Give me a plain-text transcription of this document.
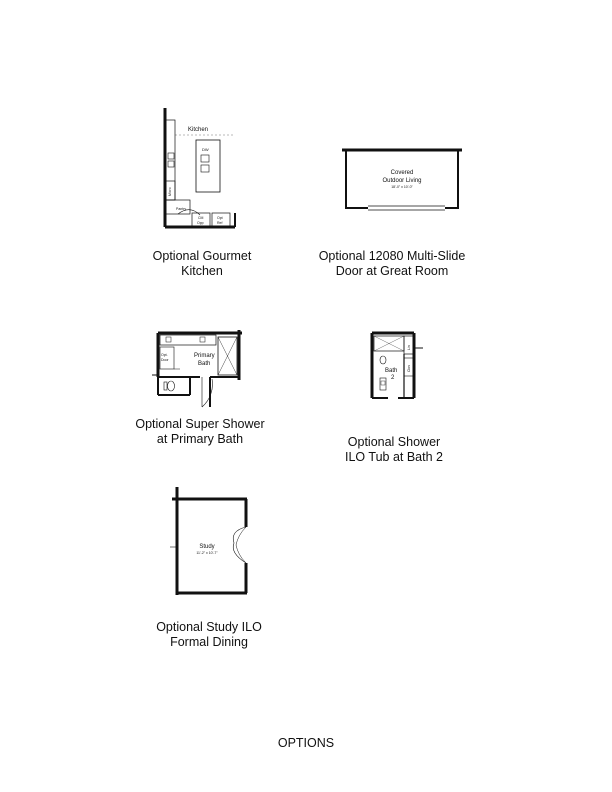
Kitchen
DW
Micro
Pantry
CM
Opp
Opt
Ref
Optional Gourmet
Kitchen
Covered
Outdoor Living
18'-0" x 10'-0"
Optional 12080 Multi-Slide
Door at Great Room
Primary
Bath
Opt.
Door
Optional Super Shower
at Primary Bath
Bath
2
Lin
Clos
Optional Shower
ILO Tub at Bath 2
Study
11'-2" x 10'-7"
Optional Study ILO
Formal Dining
OPTIONS
